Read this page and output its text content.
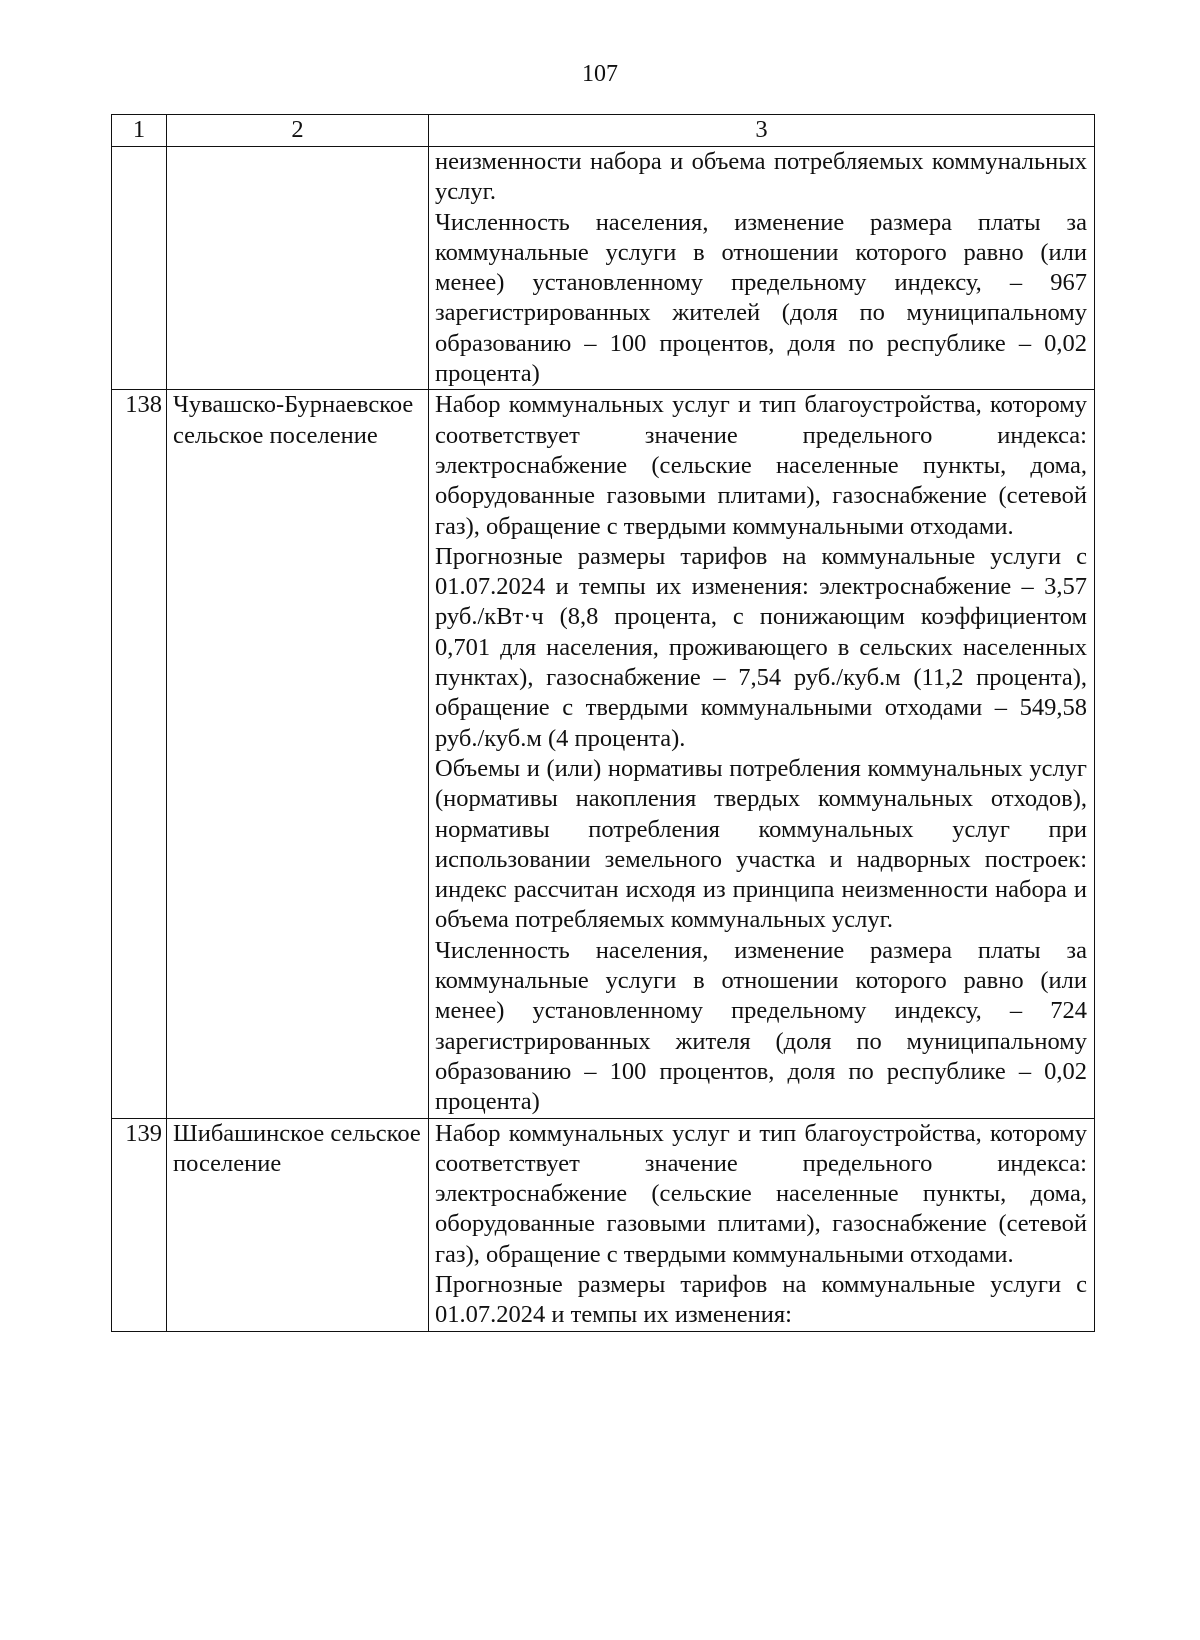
107
1	2	3

		неизменности набора и объема потребляемых коммунальных услуг.

Численность населения, изменение размера платы за коммунальные услуги в отношении которого равно (или менее) установленному предельному индексу, – 967 зарегистрированных жителей (доля по муниципальному образованию – 100 процентов, доля по республике – 0,02 процента)

138	Чувашско-Бурнаевское сельское поселение	Набор коммунальных услуг и тип благоустройства, которому соответствует значение предельного индекса: электроснабжение (сельские населенные пункты, дома, оборудованные газовыми плитами), газоснабжение (сетевой газ), обращение с твердыми коммунальными отходами.

Прогнозные размеры тарифов на коммунальные услуги с 01.07.2024 и темпы их изменения: электроснабжение – 3,57 руб./кВт·ч (8,8 процента, с понижающим коэффициентом 0,701 для населения, проживающего в сельских населенных пунктах), газоснабжение – 7,54 руб./куб.м (11,2 процента), обращение с твердыми коммунальными отходами – 549,58 руб./куб.м (4 процента).

Объемы и (или) нормативы потребления коммунальных услуг (нормативы накопления твердых коммунальных отходов), нормативы потребления коммунальных услуг при использовании земельного участка и надворных построек: индекс рассчитан исходя из принципа неизменности набора и объема потребляемых коммунальных услуг.

Численность населения, изменение размера платы за коммунальные услуги в отношении которого равно (или менее) установленному предельному индексу, – 724 зарегистрированных жителя (доля по муниципальному образованию – 100 процентов, доля по республике – 0,02 процента)

139	Шибашинское сельское поселение	Набор коммунальных услуг и тип благоустройства, которому соответствует значение предельного индекса: электроснабжение (сельские населенные пункты, дома, оборудованные газовыми плитами), газоснабжение (сетевой газ), обращение с твердыми коммунальными отходами.

Прогнозные размеры тарифов на коммунальные услуги с 01.07.2024 и темпы их изменения:
